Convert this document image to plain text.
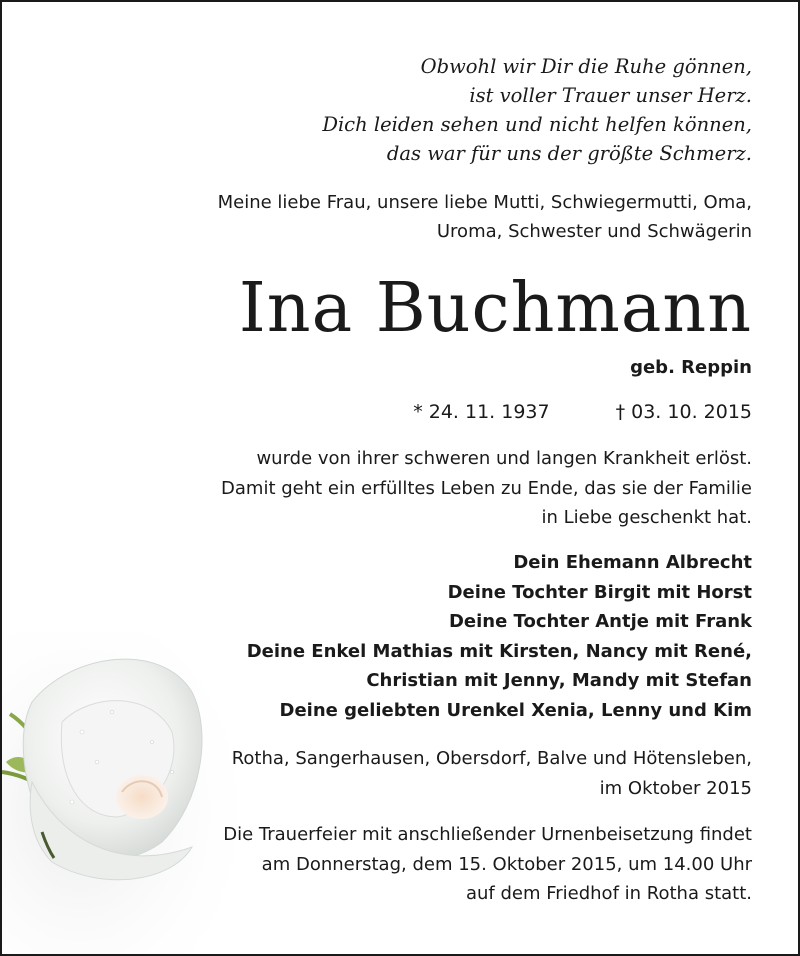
Obwohl wir Dir die Ruhe gönnen,
ist voller Trauer unser Herz.
Dich leiden sehen und nicht helfen können,
das war für uns der größte Schmerz.
Meine liebe Frau, unsere liebe Mutti, Schwiegermutti, Oma,
Uroma, Schwester und Schwägerin
Ina Buchmann
geb. Reppin
* 24. 11. 1937	† 03. 10. 2015
wurde von ihrer schweren und langen Krankheit erlöst.
Damit geht ein erfülltes Leben zu Ende, das sie der Familie
in Liebe geschenkt hat.
Dein Ehemann Albrecht
Deine Tochter Birgit mit Horst
Deine Tochter Antje mit Frank
Deine Enkel Mathias mit Kirsten, Nancy mit René,
Christian mit Jenny, Mandy mit Stefan
Deine geliebten Urenkel Xenia, Lenny und Kim
Rotha, Sangerhausen, Obersdorf, Balve und Hötensleben,
im Oktober 2015
Die Trauerfeier mit anschließender Urnenbeisetzung findet
am Donnerstag, dem 15. Oktober 2015, um 14.00 Uhr
auf dem Friedhof in Rotha statt.
